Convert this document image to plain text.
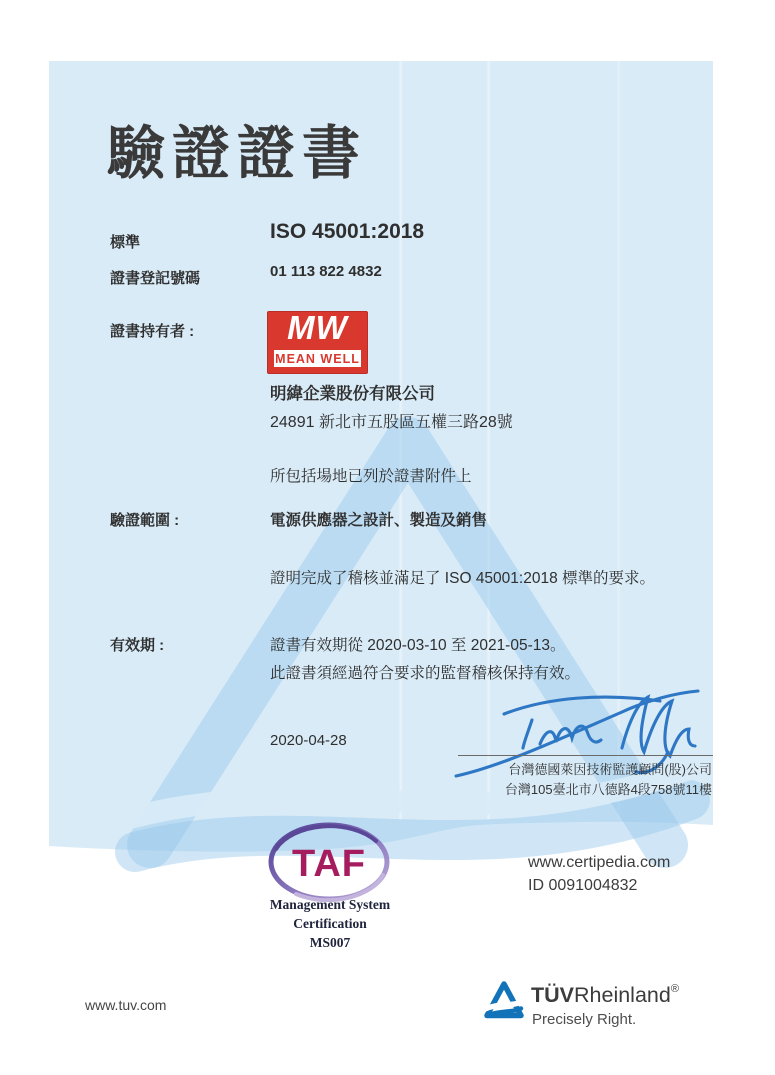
驗證證書
標準	ISO 45001:2018
證書登記號碼	01 113 822 4832
證書持有者 :	MW
MEAN WELL
明緯企業股份有限公司
24891 新北市五股區五權三路28號
所包括場地已列於證書附件上
驗證範圍 :	電源供應器之設計、製造及銷售
證明完成了稽核並滿足了 ISO 45001:2018 標準的要求。
有效期 :	證書有效期從 2020-03-10 至 2021-05-13。
此證書須經過符合要求的監督稽核保持有效。
2020-04-28
台灣德國萊因技術監護顧問(股)公司
台灣105臺北市八德路4段758號11樓
TAF
Management System
Certification
MS007
www.certipedia.com
ID 0091004832
www.tuv.com	TÜVRheinland®
Precisely Right.
